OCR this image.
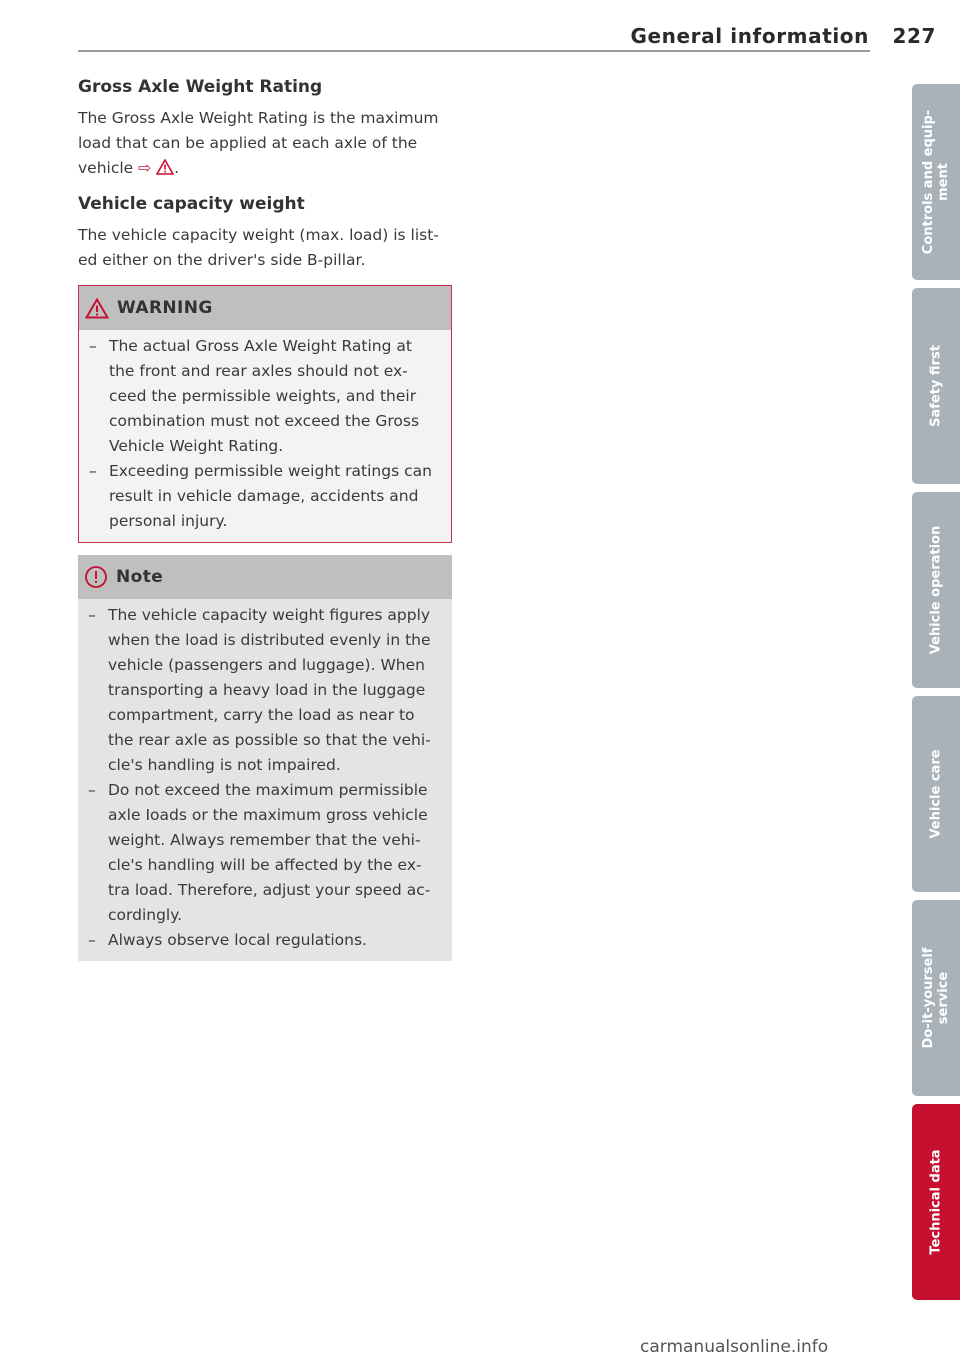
General information 227
Gross Axle Weight Rating

The Gross Axle Weight Rating is the maximum load that can be applied at each axle of the vehicle ⇨ .

Vehicle capacity weight

The vehicle capacity weight (max. load) is list-ed either on the driver's side B-pillar.

WARNING
– The actual Gross Axle Weight Rating at the front and rear axles should not ex-ceed the permissible weights, and their combination must not exceed the Gross Vehicle Weight Rating.
– Exceeding permissible weight ratings can result in vehicle damage, accidents and personal injury.
Note
– The vehicle capacity weight figures apply when the load is distributed evenly in the vehicle (passengers and luggage). When transporting a heavy load in the luggage compartment, carry the load as near to the rear axle as possible so that the vehi-cle's handling is not impaired.
– Do not exceed the maximum permissible axle Ioads or the maximum gross vehicle weight. Always remember that the vehi-cle's handling will be affected by the ex-tra load. Therefore, adjust your speed ac-cordingly.
– Always observe local regulations.
Controls and equip-
ment
Safety first
Vehicle operation
Vehicle care
Do-it-yourself
service
Technical data
carmanualsonline.info
